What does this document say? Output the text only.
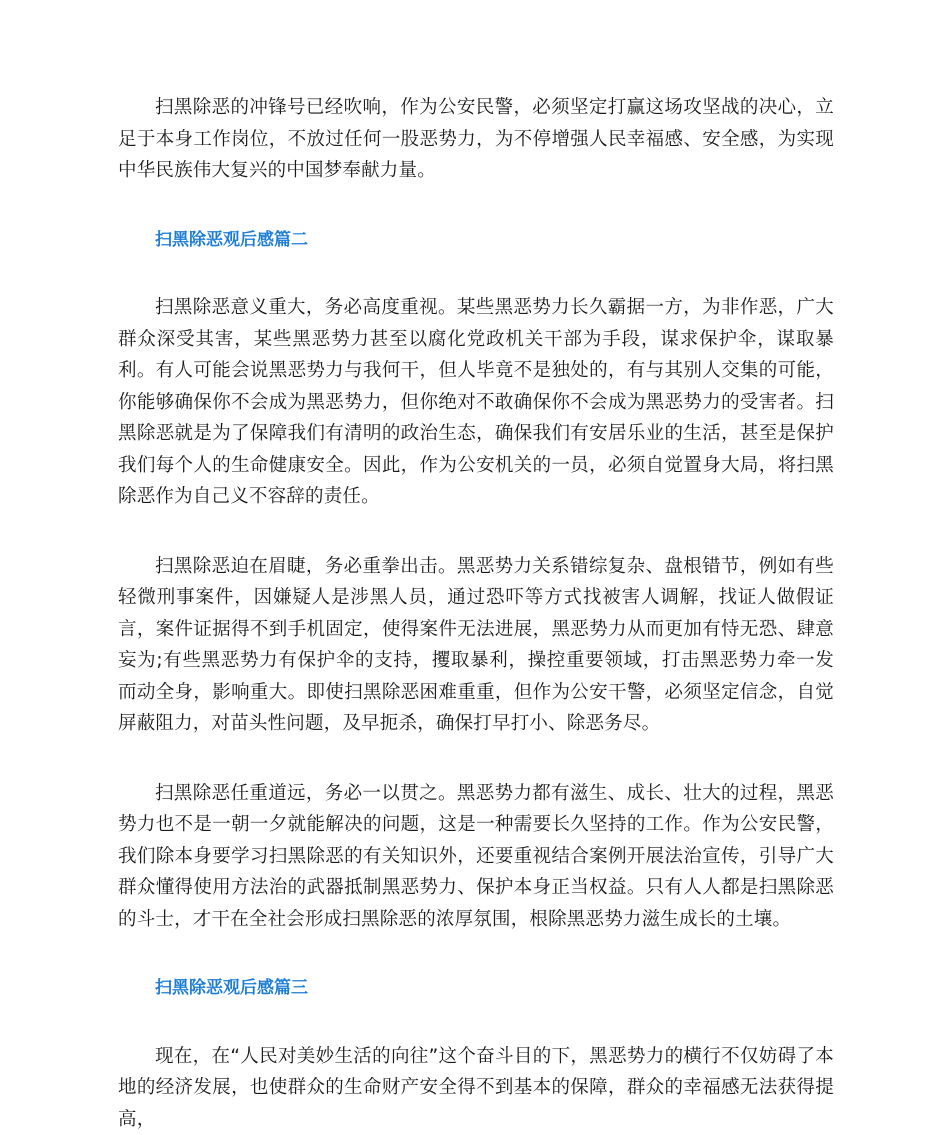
扫黑除恶的冲锋号已经吹响，作为公安民警，必须坚定打赢这场攻坚战的决心，立足于本身工作岗位，不放过任何一股恶势力，为不停增强人民幸福感、安全感，为实现中华民族伟大复兴的中国梦奉献力量。

扫黑除恶观后感篇二

扫黑除恶意义重大，务必高度重视。某些黑恶势力长久霸据一方，为非作恶，广大群众深受其害，某些黑恶势力甚至以腐化党政机关干部为手段，谋求保护伞，谋取暴利。有人可能会说黑恶势力与我何干，但人毕竟不是独处的，有与其别人交集的可能，你能够确保你不会成为黑恶势力，但你绝对不敢确保你不会成为黑恶势力的受害者。扫黑除恶就是为了保障我们有清明的政治生态，确保我们有安居乐业的生活，甚至是保护我们每个人的生命健康安全。因此，作为公安机关的一员，必须自觉置身大局，将扫黑除恶作为自己义不容辞的责任。

扫黑除恶迫在眉睫，务必重拳出击。黑恶势力关系错综复杂、盘根错节，例如有些轻微刑事案件，因嫌疑人是涉黑人员，通过恐吓等方式找被害人调解，找证人做假证言，案件证据得不到手机固定，使得案件无法进展，黑恶势力从而更加有恃无恐、肆意妄为;有些黑恶势力有保护伞的支持，攫取暴利，操控重要领域，打击黑恶势力牵一发而动全身，影响重大。即使扫黑除恶困难重重，但作为公安干警，必须坚定信念，自觉屏蔽阻力，对苗头性问题，及早扼杀，确保打早打小、除恶务尽。

扫黑除恶任重道远，务必一以贯之。黑恶势力都有滋生、成长、壮大的过程，黑恶势力也不是一朝一夕就能解决的问题，这是一种需要长久坚持的工作。作为公安民警，我们除本身要学习扫黑除恶的有关知识外，还要重视结合案例开展法治宣传，引导广大群众懂得使用方法治的武器抵制黑恶势力、保护本身正当权益。只有人人都是扫黑除恶的斗士，才干在全社会形成扫黑除恶的浓厚氛围，根除黑恶势力滋生成长的土壤。

扫黑除恶观后感篇三

现在，在“人民对美妙生活的向往”这个奋斗目的下，黑恶势力的横行不仅妨碍了本地的经济发展，也使群众的生命财产安全得不到基本的保障，群众的幸福感无法获得提高，
